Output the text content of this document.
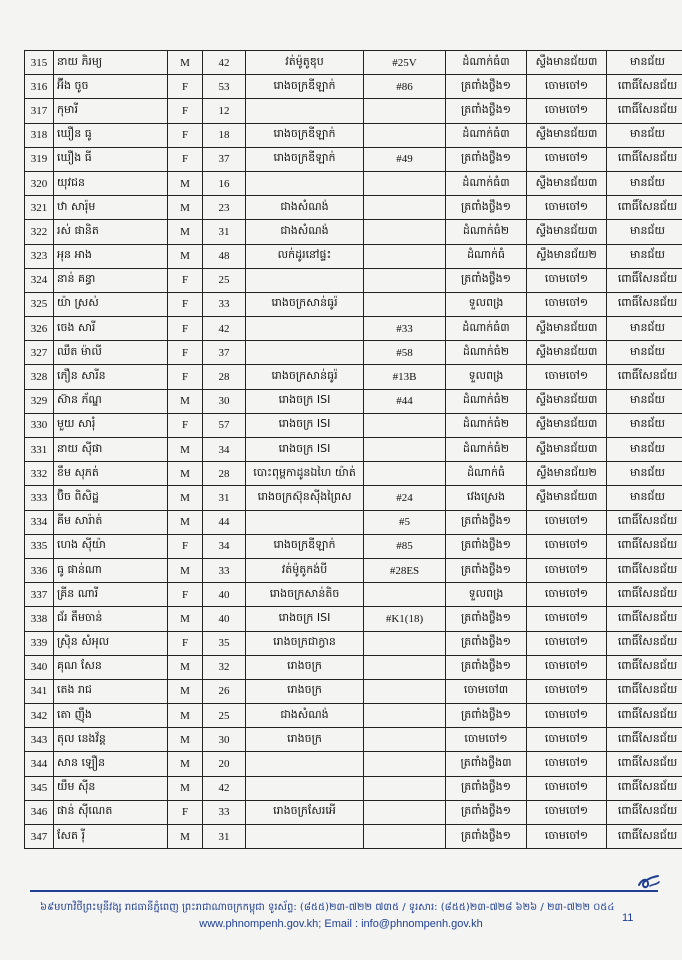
315	នាយ ភិរម្យ	M	42	វត់ម៉ូតូឌុប	#25V	ដំណាក់ធំ៣	ស្ទឹងមានជ័យ៣	មានជ័យ
316	អ៊ីង ចូច	F	53	រោងចក្រឌីឡាក់	#86	ត្រពាំងថ្លឹង១	ចោមចៅ១	ពោធិ៍សែនជ័យ
317	កុមារី	F	12			ត្រពាំងថ្លឹង១	ចោមចៅ១	ពោធិ៍សែនជ័យ
318	ឃឿន ធូ	F	18	រោងចក្រឌីឡាក់		ដំណាក់ធំ៣	ស្ទឹងមានជ័យ៣	មានជ័យ
319	ឃឿង ធី	F	37	រោងចក្រឌីឡាក់	#49	ត្រពាំងថ្លឹង១	ចោមចៅ១	ពោធិ៍សែនជ័យ
320	យុវជន	M	16			ដំណាក់ធំ៣	ស្ទឹងមានជ័យ៣	មានជ័យ
321	ឋា សារ៉ុម	M	23	ជាងសំណង់		ត្រពាំងថ្លឹង១	ចោមចៅ១	ពោធិ៍សែនជ័យ
322	រស់ ផានិត	M	31	ជាងសំណង់		ដំណាក់ធំ២	ស្ទឹងមានជ័យ៣	មានជ័យ
323	អុន អាង	M	48	លក់ដូរនៅផ្ទះ		ដំណាក់ធំ	ស្ទឹងមានជ័យ២	មានជ័យ
324	នាន់ គន្ធា	F	25			ត្រពាំងថ្លឹង១	ចោមចៅ១	ពោធិ៍សែនជ័យ
325	យ៉ា ស្រស់	F	33	រោងចក្រសាន់ធូរ៉		ទួលពង្រ	ចោមចៅ១	ពោធិ៍សែនជ័យ
326	ចេង សារី	F	42		#33	ដំណាក់ធំ៣	ស្ទឹងមានជ័យ៣	មានជ័យ
327	ឈឹត ម៉ាលី	F	37		#58	ដំណាក់ធំ២	ស្ទឹងមានជ័យ៣	មានជ័យ
328	ភឿន សារីន	F	28	រោងចក្រសាន់ធូរ៉	#13B	ទួលពង្រ	ចោមចៅ១	ពោធិ៍សែនជ័យ
329	ស៊ាន ភ័ណ្ឌ	M	30	រោងចក្រ ISI	#44	ដំណាក់ធំ២	ស្ទឹងមានជ័យ៣	មានជ័យ
330	មួយ សារុំ	F	57	រោងចក្រ ISI		ដំណាក់ធំ២	ស្ទឹងមានជ័យ៣	មានជ័យ
331	នាយ ស៊ីផា	M	34	រោងចក្រ ISI		ដំណាក់ធំ២	ស្ទឹងមានជ័យ៣	មានជ័យ
332	ខឹម សុភត់	M	28	បោះពុម្ពកាដូនឯហៃ យ៉ាត់		ដំណាក់ធំ	ស្ទឹងមានជ័យ២	មានជ័យ
333	ប៊ិច ពិសិដ្ឋ	M	31	រោងចក្រស៊ុនស៊ីងព្រៃស	#24	វេងស្រេង	ស្ទឹងមានជ័យ៣	មានជ័យ
334	គីម សារ៉ាត់	M	44		#5	ត្រពាំងថ្លឹង១	ចោមចៅ១	ពោធិ៍សែនជ័យ
335	ហេង ស៊ីយ៉ា	F	34	រោងចក្រឌីឡាក់	#85	ត្រពាំងថ្លឹង១	ចោមចៅ១	ពោធិ៍សែនជ័យ
336	ធូ ផាន់ណា	M	33	វត់ម៉ូតូកង់បី	#28ES	ត្រពាំងថ្លឹង១	ចោមចៅ១	ពោធិ៍សែនជ័យ
337	គ្រីន ណារី	F	40	រោងចក្រសាន់តិច		ទួលពង្រ	ចោមចៅ១	ពោធិ៍សែនជ័យ
338	ជ័រ តឹមចាន់	M	40	រោងចក្រ ISI	#K1(18)	ត្រពាំងថ្លឹង១	ចោមចៅ១	ពោធិ៍សែនជ័យ
339	ស្រ៊ិន សំអុល	F	35	រោងចក្រជាក្វាន		ត្រពាំងថ្លឹង១	ចោមចៅ១	ពោធិ៍សែនជ័យ
340	គុណ សែន	M	32	រោងចក្រ		ត្រពាំងថ្លឹង១	ចោមចៅ១	ពោធិ៍សែនជ័យ
341	តេង រាជ	M	26	រោងចក្រ		ចោមចៅ៣	ចោមចៅ១	ពោធិ៍សែនជ័យ
342	តោ ញ៉ឹង	M	25	ជាងសំណង់		ត្រពាំងថ្លឹង១	ចោមចៅ១	ពោធិ៍សែនជ័យ
343	តុល នេងវ័ន្ត	M	30	រោងចក្រ		ចោមចៅ១	ចោមចៅ១	ពោធិ៍សែនជ័យ
344	សាន ឡឿន	M	20			ត្រពាំងថ្លឹង៣	ចោមចៅ១	ពោធិ៍សែនជ័យ
345	យឹម ស៊ីន	M	42			ត្រពាំងថ្លឹង១	ចោមចៅ១	ពោធិ៍សែនជ័យ
346	ផាន់ ស៊ីណេត	F	33	រោងចក្រសែរអើ		ត្រពាំងថ្លឹង១	ចោមចៅ១	ពោធិ៍សែនជ័យ
347	សែត រ៉ី	M	31			ត្រពាំងថ្លឹង១	ចោមចៅ១	ពោធិ៍សែនជ័យ
៦៩មហាវិថីព្រះមុនីវង្ស រាជធានីភ្នំពេញ ព្រះរាជាណាចក្រកម្ពុជា ទូរស័ព្ទ: (៨៥៥)២៣-៧២២ ៧៣៥ / ទូរសារ: (៨៥៥)២៣-៧២៨ ៦២៦ / ២៣-៧២២ ០៥៤
11
www.phnompenh.gov.kh; Email : info@phnompenh.gov.kh
